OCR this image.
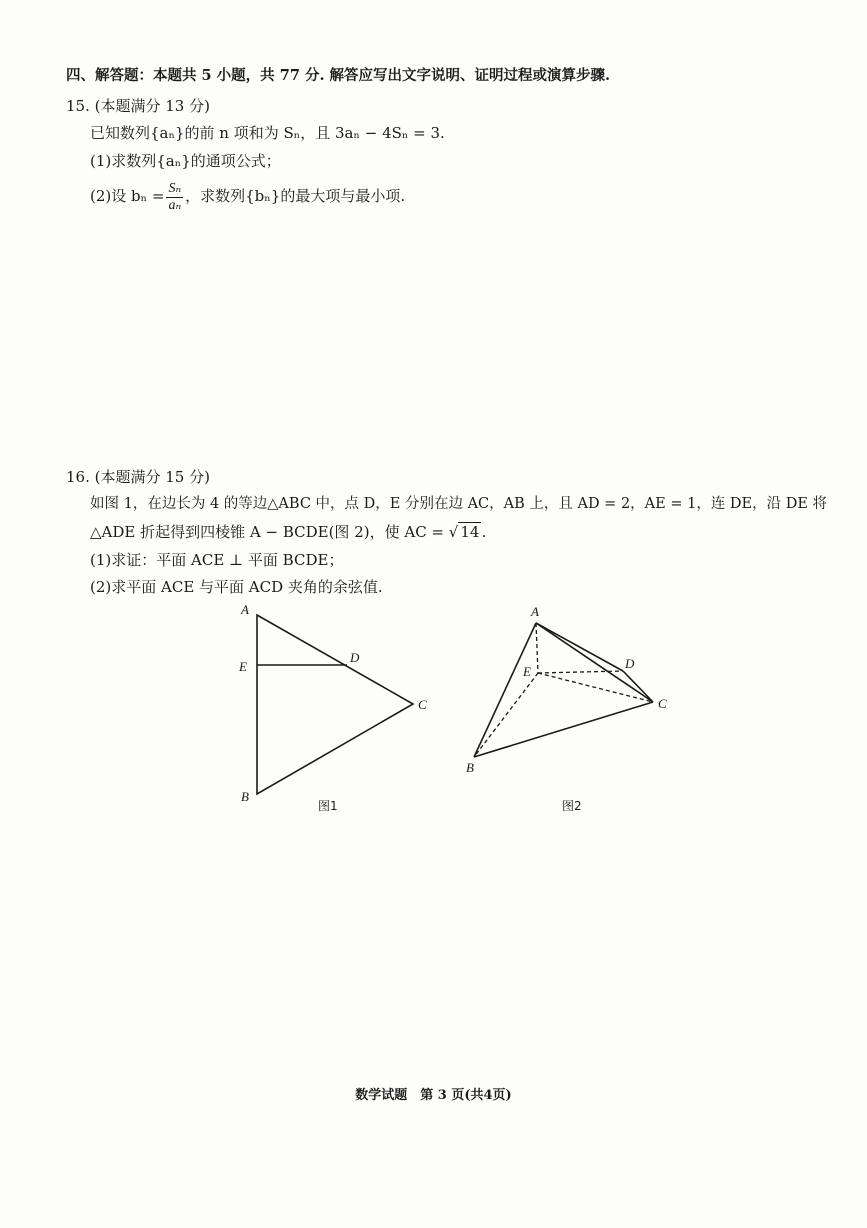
四、解答题：本题共 5 小题，共 77 分. 解答应写出文字说明、证明过程或演算步骤.
15. (本题满分 13 分)
已知数列{aₙ}的前 n 项和为 Sₙ，且 3aₙ − 4Sₙ = 3.
(1)求数列{aₙ}的通项公式；
(2)设 $b_n = \frac{\text{Sₙ}}{\text{aₙ}}$ ，求数列{bₙ}的最大项与最小项.
16. (本题满分 15 分)
如图 1，在边长为 4 的等边△ABC 中，点 D，E 分别在边 AC，AB 上，且 AD = 2，AE = 1，连 DE，沿 DE 将
△ADE 折起得到四棱锥 A − BCDE(图 2)，使 AC = √ 14 .
(1)求证：平面 ACE ⊥ 平面 BCDE；
(2)求平面 ACE 与平面 ACD 夹角的余弦值.
A
E
D
C
B
图1
A
E
D
C
B
图2
数学试题　第 3 页(共4页)
